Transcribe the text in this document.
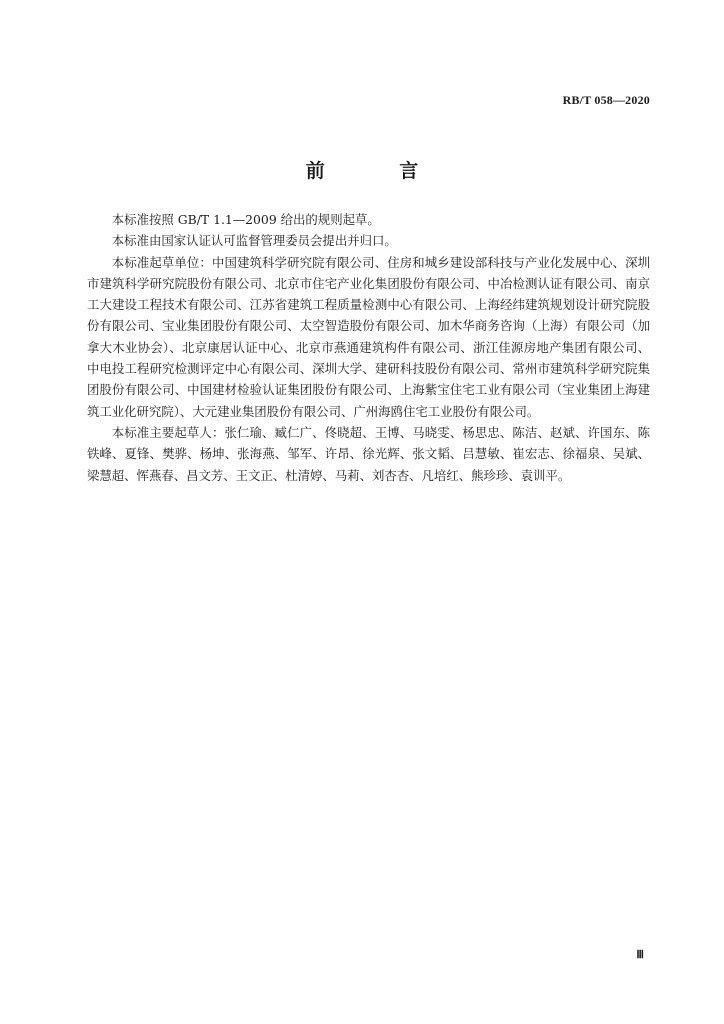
RB/T 058—2020
前 言

本标准按照 GB/T 1.1—2009 给出的规则起草。

本标准由国家认证认可监督管理委员会提出并归口。

本标准起草单位：中国建筑科学研究院有限公司、住房和城乡建设部科技与产业化发展中心、深圳市建筑科学研究院股份有限公司、北京市住宅产业化集团股份有限公司、中冶检测认证有限公司、南京工大建设工程技术有限公司、江苏省建筑工程质量检测中心有限公司、上海经纬建筑规划设计研究院股份有限公司、宝业集团股份有限公司、太空智造股份有限公司、加木华商务咨询（上海）有限公司（加拿大木业协会）、北京康居认证中心、北京市燕通建筑构件有限公司、浙江佳源房地产集团有限公司、中电投工程研究检测评定中心有限公司、深圳大学、建研科技股份有限公司、常州市建筑科学研究院集团股份有限公司、中国建材检验认证集团股份有限公司、上海紫宝住宅工业有限公司（宝业集团上海建筑工业化研究院）、大元建业集团股份有限公司、广州海鸥住宅工业股份有限公司。

本标准主要起草人：张仁瑜、臧仁广、佟晓超、王博、马晓雯、杨思忠、陈洁、赵斌、许国东、陈铁峰、夏锋、樊骅、杨坤、张海燕、邹军、许昂、徐光辉、张文韬、吕慧敏、崔宏志、徐福泉、吴斌、梁慧超、恽燕春、昌文芳、王文正、杜清婷、马莉、刘杏杏、凡培红、熊珍珍、袁训平。

Ⅲ
